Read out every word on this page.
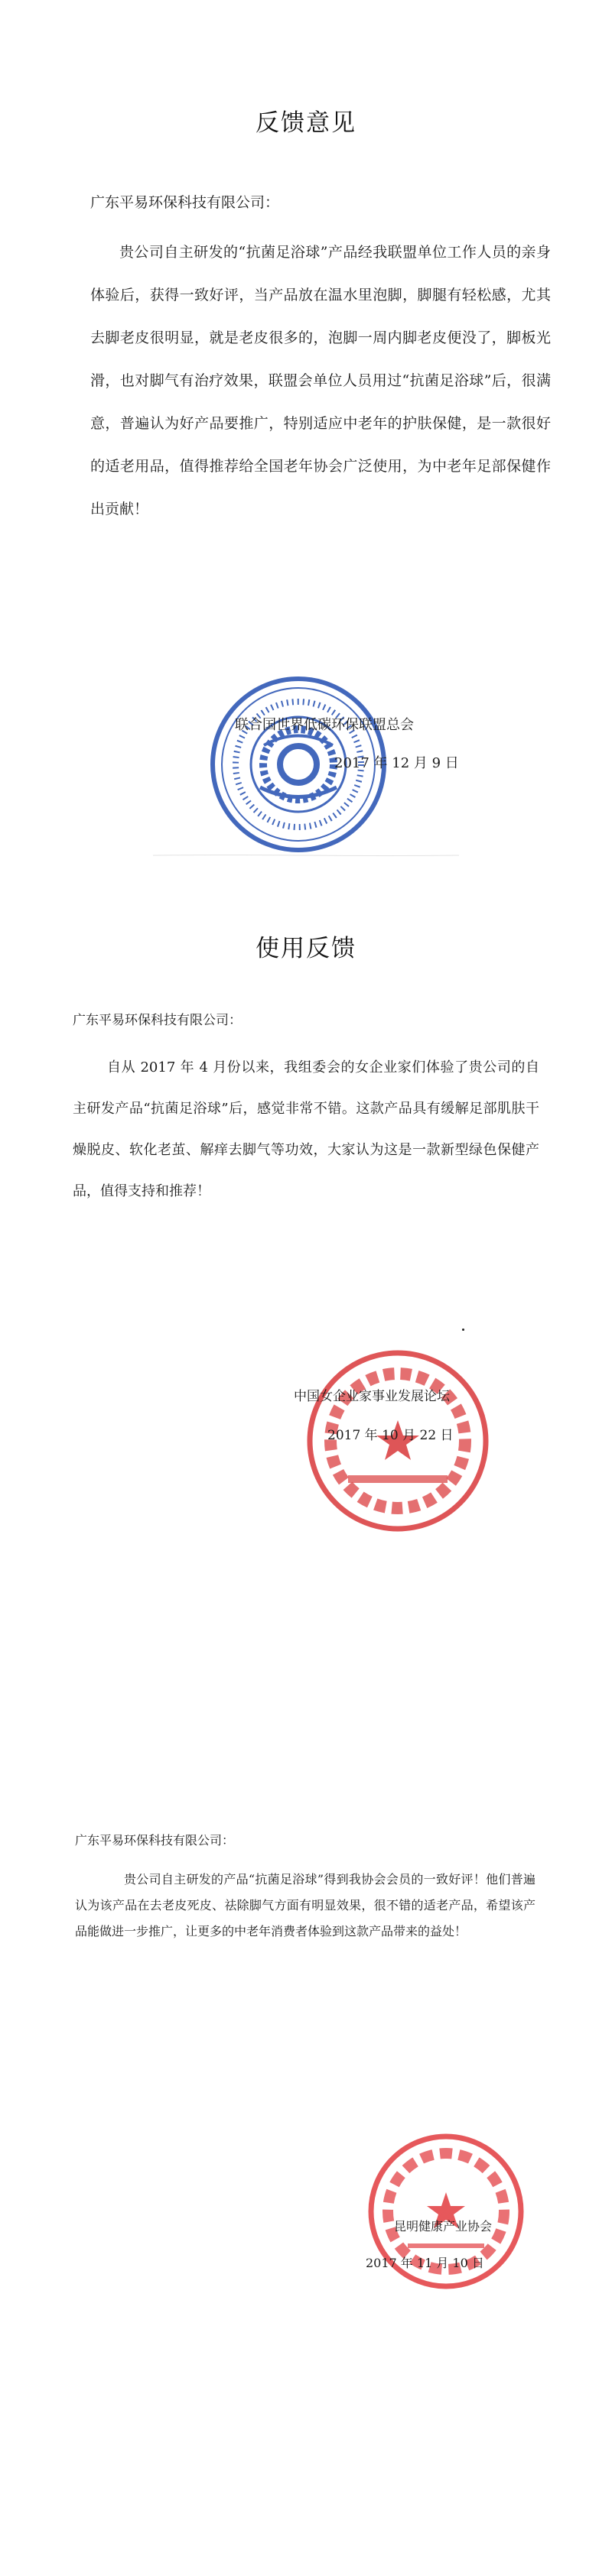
反馈意见
广东平易环保科技有限公司：

贵公司自主研发的“抗菌足浴球”产品经我联盟单位工作人员的亲身体验后，获得一致好评，当产品放在温水里泡脚，脚腿有轻松感，尤其去脚老皮很明显，就是老皮很多的，泡脚一周内脚老皮便没了，脚板光滑，也对脚气有治疗效果，联盟会单位人员用过“抗菌足浴球”后，很满意，普遍认为好产品要推广，特别适应中老年的护肤保健，是一款很好的适老用品，值得推荐给全国老年协会广泛使用，为中老年足部保健作出贡献！

联合国世界低碳环保联盟总会
2017 年 12 月 9 日
使用反馈
广东平易环保科技有限公司：

自从 2017 年 4 月份以来，我组委会的女企业家们体验了贵公司的自主研发产品“抗菌足浴球”后，感觉非常不错。这款产品具有缓解足部肌肤干燥脱皮、软化老茧、解痒去脚气等功效，大家认为这是一款新型绿色保健产品，值得支持和推荐！

中国女企业家事业发展论坛
2017 年 10 月 22 日
广东平易环保科技有限公司：

贵公司自主研发的产品“抗菌足浴球”得到我协会会员的一致好评！他们普遍认为该产品在去老皮死皮、祛除脚气方面有明显效果，很不错的适老产品，希望该产品能做进一步推广，让更多的中老年消费者体验到这款产品带来的益处！

昆明健康产业协会
2017 年 11 月 10 日
